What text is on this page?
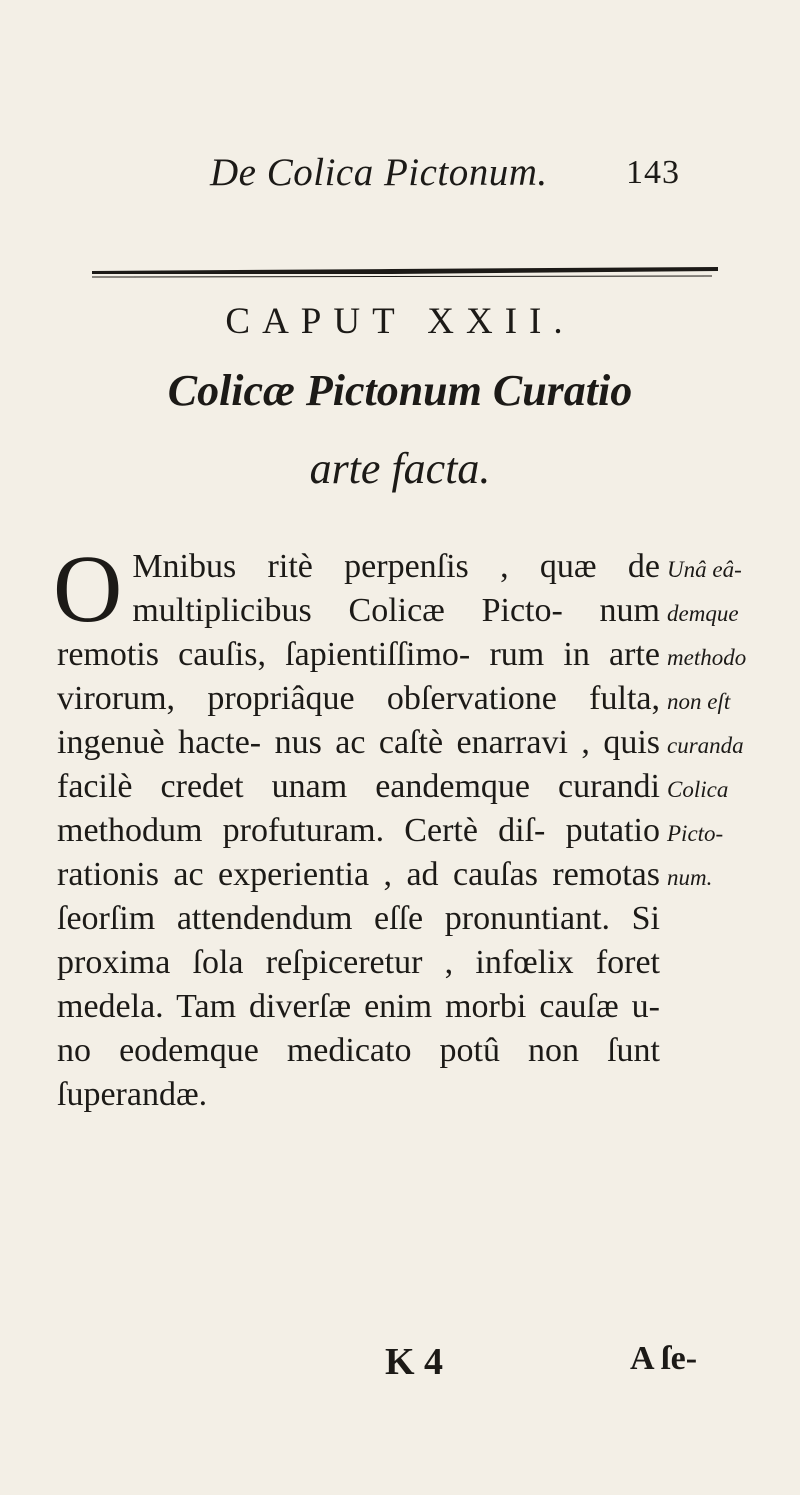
De Colica Pictonum. 143
CAPUT XXII.
Colicæ Pictonum Curatio
arte facta.
O Mnibus ritè perpenſis , quæ de multiplicibus Colicæ Picto- num remotis cauſis, ſapientiſſimo- rum in arte virorum, propriâque obſervatione fulta, ingenuè hacte- nus ac caſtè enarravi , quis facilè credet unam eandemque curandi methodum profuturam. Certè diſ- putatio rationis ac experientia , ad cauſas remotas ſeorſim attendendum eſſe pronuntiant. Si proxima ſola reſpiceretur , infœlix foret medela. Tam diverſæ enim morbi cauſæ u- no eodemque medicato potû non ſunt ſuperandæ.
Unâ eâ-
demque
methodo
non eſt
curanda
Colica
Picto-
num.
K 4	A ſe-
